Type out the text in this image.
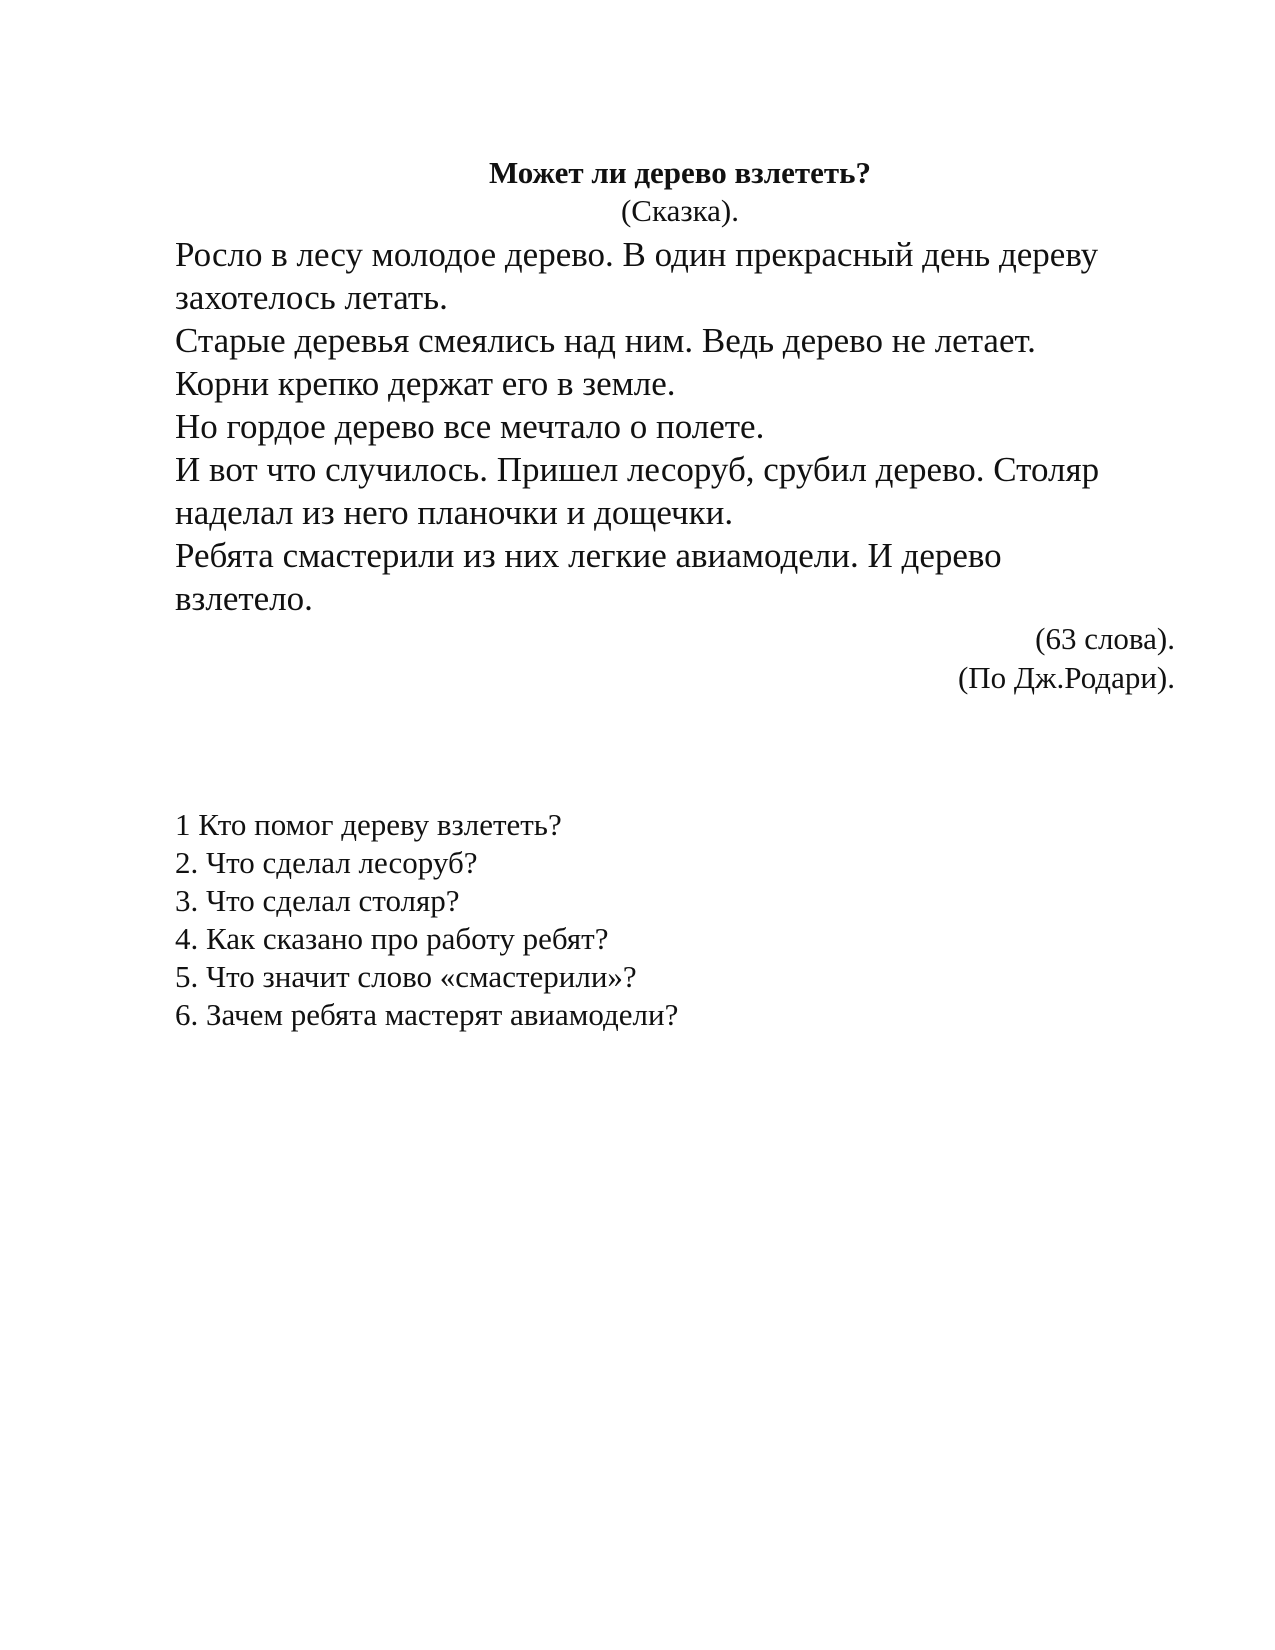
Может ли дерево взлететь?
(Сказка).

Росло в лесу молодое дерево. В один прекрасный день дереву

захотелось летать.

Старые деревья смеялись над ним. Ведь дерево не летает.

Корни крепко держат его в земле.

Но гордое дерево все мечтало о полете.

И вот что случилось. Пришел лесоруб, срубил дерево. Столяр

наделал из него планочки и дощечки.

Ребята смастерили из них легкие авиамодели. И дерево

взлетело.

(63 слова).

(По Дж.Родари).

1 Кто помог дереву взлететь?
2. Что сделал лесоруб?
3. Что сделал столяр?
4. Как сказано про работу ребят?
5. Что значит слово «смастерили»?
6. Зачем ребята мастерят авиамодели?
